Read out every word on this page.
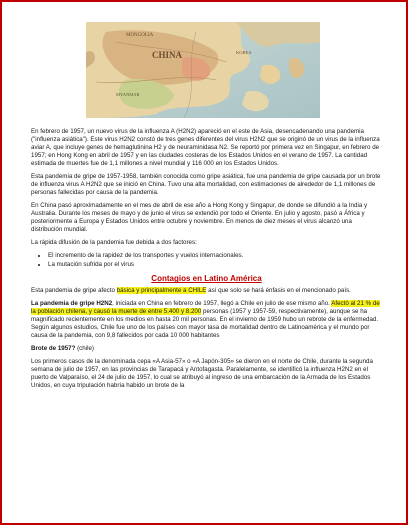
CHINA
MONGOLIA
MYANMAR
KOREA

En febrero de 1957, un nuevo virus de la influenza A (H2N2) apareció en el este de Asia, desencadenando una pandemia ("influenza asiática"). Este virus H2N2 constó de tres genes diferentes del virus H2N2 que se originó de un virus de la influenza aviar A, que incluye genes de hemaglutinina H2 y de neuraminidasa N2. Se reportó por primera vez en Singapur, en febrero de 1957; en Hong Kong en abril de 1957 y en las ciudades costeras de los Estados Unidos en el verano de 1957. La cantidad estimada de muertes fue de 1,1 millones a nivel mundial y 116 000 en los Estados Unidos.

Esta pandemia de gripe de 1957-1958, también conocida como gripe asiática, fue una pandemia de gripe causada por un brote de influenza virus A H2N2 que se inició en China. Tuvo una alta mortalidad, con estimaciones de alrededor de 1,1 millones de personas fallecidas por causa de la pandemia.

En China pasó aproximadamente en el mes de abril de ese año a Hong Kong y Singapur, de donde se difundió a la India y Australia. Durante los meses de mayo y de junio el virus se extendió por todo el Oriente. En julio y agosto, pasó a África y posteriormente a Europa y Estados Unidos entre octubre y noviembre. En menos de diez meses el virus alcanzó una distribución mundial.

La rápida difusión de la pandemia fue debida a dos factores:

• El incremento de la rapidez de los transportes y vuelos internacionales.
• La mutación sufrida por el virus
Contagios en Latino América

Esta pandemia de gripe afecto básica y principalmente a CHILE así que solo se hará énfasis en el mencionado país.

La pandemia de gripe H2N2, iniciada en China en febrero de 1957, llegó a Chile en julio de ese mismo año. Afectó al 21 % de la población chilena, y causó la muerte de entre 5.400 y 8.200 personas (1957 y 1957-59, respectivamente), aunque se ha magnificado recientemente en los medios en hasta 20 mil personas. En el invierno de 1959 hubo un rebrote de la enfermedad. Según algunos estudios, Chile fue uno de los países con mayor tasa de mortalidad dentro de Latinoamérica y el mundo por causa de la pandemia, con 9,8 fallecidos por cada 10 000 habitantes

Brote de 1957? (chile)

Los primeros casos de la denominada cepa «A Asia-57» o «A Japón-305» se dieron en el norte de Chile, durante la segunda semana de julio de 1957, en las provincias de Tarapacá y Antofagasta. Paralelamente, se identificó la influenza H2N2 en el puerto de Valparaíso, el 24 de julio de 1957, lo cual se atribuyó al ingreso de una embarcación de la Armada de los Estados Unidos, en cuya tripulación habría habido un brote de la
